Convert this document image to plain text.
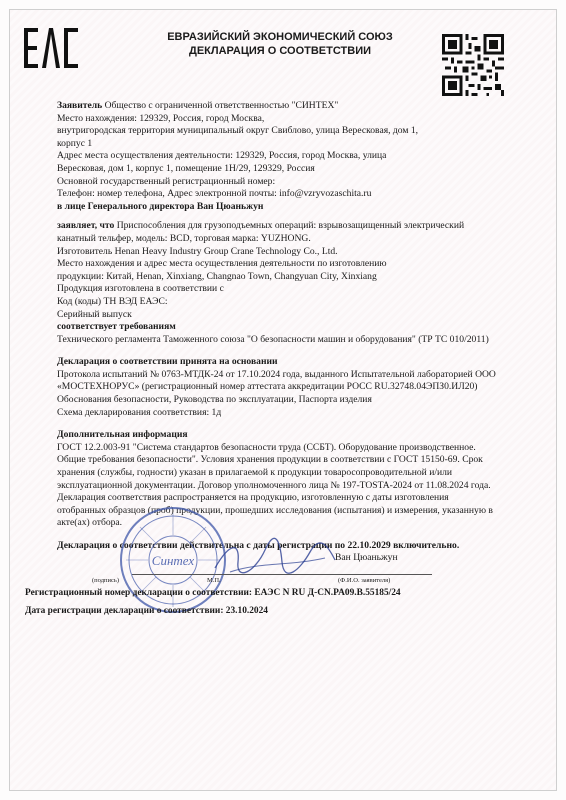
ЕВРАЗИЙСКИЙ ЭКОНОМИЧЕСКИЙ СОЮЗ
ДЕКЛАРАЦИЯ О СООТВЕТСТВИИ

Заявитель Общество с ограниченной ответственностью "СИНТЕХ"

Место нахождения: 129329, Россия, город Москва,

внутригородская территория муниципальный округ Свиблово, улица Вересковая, дом 1,

корпус 1

Адрес места осуществления деятельности: 129329, Россия, город Москва, улица

Вересковая, дом 1, корпус 1, помещение 1Н/29, 129329, Россия

Основной государственный регистрационный номер:

Телефон: номер телефона, Адрес электронной почты: info@vzryvozaschita.ru

в лице Генерального директора Ван Цюаньжун

заявляет, что Приспособления для грузоподъемных операций: взрывозащищенный электрический

канатный тельфер, модель: BCD, торговая марка: YUZHONG.

Изготовитель Henan Heavy Industry Group Crane Technology Co., Ltd.

Место нахождения и адрес места осуществления деятельности по изготовлению

продукции: Китай, Henan, Xinxiang, Changnao Town, Changyuan City, Xinxiang

Продукция изготовлена в соответствии с

Код (коды) ТН ВЭД ЕАЭС:

Серийный выпуск

соответствует требованиям

Технического регламента Таможенного союза "О безопасности машин и оборудования" (ТР ТС 010/2011)

Декларация о соответствии принята на основании

Протокола испытаний № 0763-МТДК-24 от 17.10.2024 года, выданного Испытательной лабораторией ООО

«МОСТЕХНОРУС» (регистрационный номер аттестата аккредитации РОСС RU.32748.04ЭПЗ0.ИЛ20)

Обоснования безопасности, Руководства по эксплуатации, Паспорта изделия

Схема декларирования соответствия: 1д

Дополнительная информация

ГОСТ 12.2.003-91 "Система стандартов безопасности труда (ССБТ). Оборудование производственное.

Общие требования безопасности". Условия хранения продукции в соответствии с ГОСТ 15150-69. Срок

хранения (службы, годности) указан в прилагаемой к продукции товаросопроводительной и/или

эксплуатационной документации. Договор уполномоченного лица № 197-TOSTA-2024 от 11.08.2024 года.

Декларация соответствия распространяется на продукцию, изготовленную с даты изготовления

отобранных образцов (проб) продукции, прошедших исследования (испытания) и измерения, указанную в

акте(ах) отбора.

Декларация о соответствии действительна с даты регистрации по 22.10.2029 включительно.

Синтех	Ван Цюаньжун
(подпись)	М.П.	(Ф.И.О. заявителя)
Регистрационный номер декларации о соответствии: ЕАЭС N RU Д-CN.PA09.B.55185/24
Дата регистрации декларации о соответствии: 23.10.2024
